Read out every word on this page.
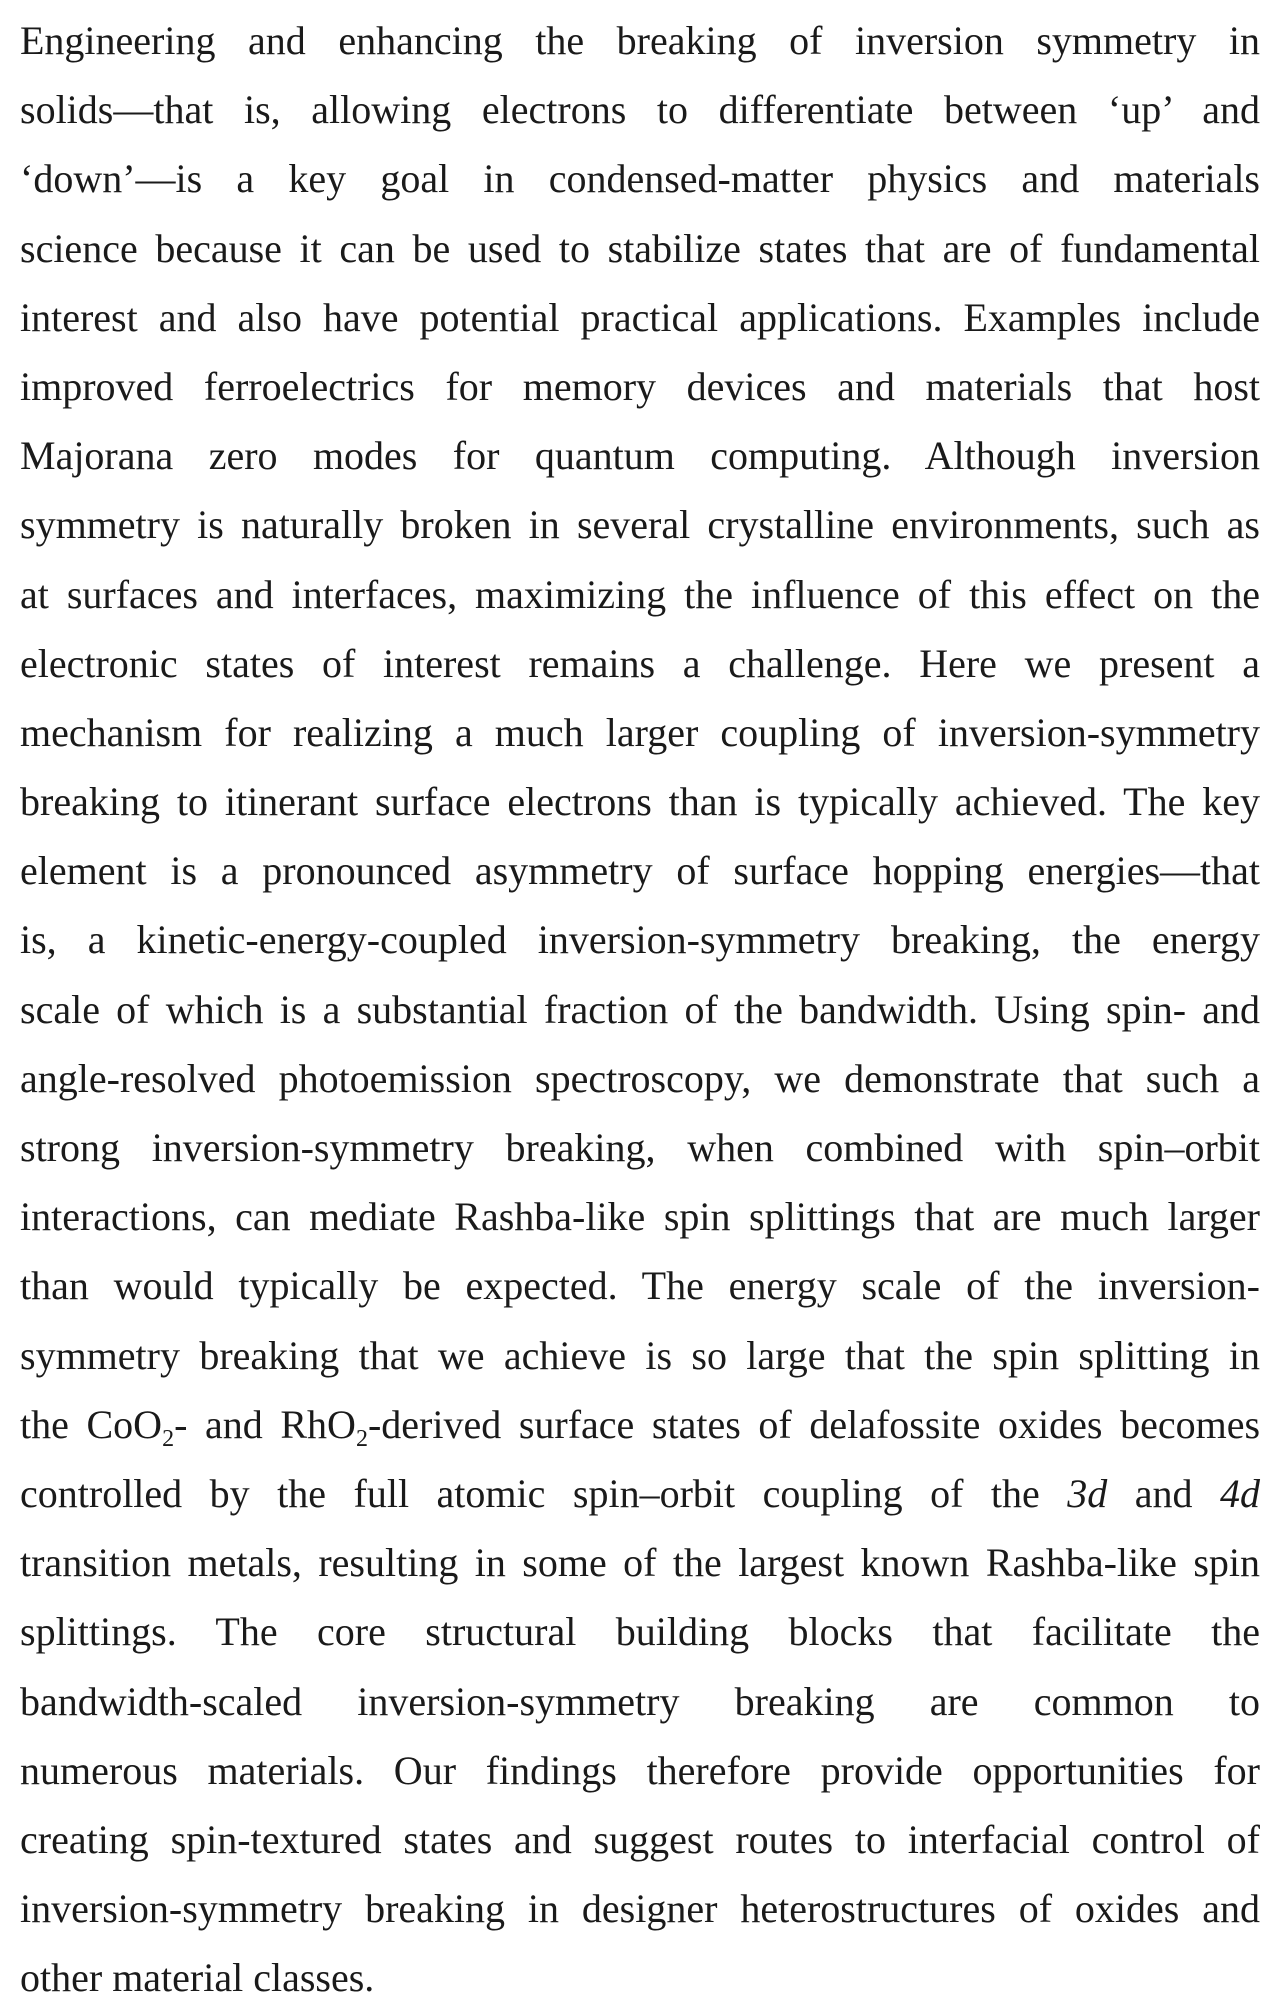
Engineering and enhancing the breaking of inversion symmetry in
solids—that is, allowing electrons to differentiate between ‘up’ and
‘down’—is a key goal in condensed-matter physics and materials
science because it can be used to stabilize states that are of fundamental
interest and also have potential practical applications. Examples include
improved ferroelectrics for memory devices and materials that host
Majorana zero modes for quantum computing. Although inversion
symmetry is naturally broken in several crystalline environments, such as
at surfaces and interfaces, maximizing the influence of this effect on the
electronic states of interest remains a challenge. Here we present a
mechanism for realizing a much larger coupling of inversion-symmetry
breaking to itinerant surface electrons than is typically achieved. The key
element is a pronounced asymmetry of surface hopping energies—that
is, a kinetic-energy-coupled inversion-symmetry breaking, the energy
scale of which is a substantial fraction of the bandwidth. Using spin- and
angle-resolved photoemission spectroscopy, we demonstrate that such a
strong inversion-symmetry breaking, when combined with spin–orbit
interactions, can mediate Rashba-like spin splittings that are much larger
than would typically be expected. The energy scale of the inversion-
symmetry breaking that we achieve is so large that the spin splitting in
the CoO$_2$- and RhO$_2$-derived surface states of delafossite oxides becomes
controlled by the full atomic spin–orbit coupling of the 3d and 4d
transition metals, resulting in some of the largest known Rashba-like spin
splittings. The core structural building blocks that facilitate the
bandwidth-scaled inversion-symmetry breaking are common to
numerous materials. Our findings therefore provide opportunities for
creating spin-textured states and suggest routes to interfacial control of
inversion-symmetry breaking in designer heterostructures of oxides and
other material classes.
